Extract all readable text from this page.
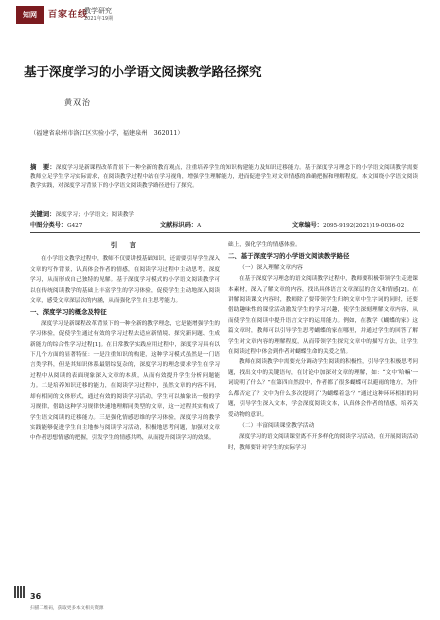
知网	百家在线
教学研究
2021年19期
基于深度学习的小学语文阅读教学路径探究
黄双治
（福建省泉州市洛江区实验小学，福建泉州　362011）
摘　要：深度学习是新课程改革背景下一种全新的教育观点，注重培养学生的知识构建能力及知识迁移能力。基于深度学习理念下的小学语文阅读教学需要教师立足学生学习实际需求，在阅读教学过程中站在学习视角，增强学生理解能力，进而促进学生对文章情感的准确把握和理解程度。本文围绕小学语文阅读教学实践，对深度学习背景下的小学语文阅读教学路径进行了探究。
关键词：深度学习；小学语文；阅读教学
中图分类号：G427	文献标识码：A	文章编号：2095-9192(2021)19-0036-02
引　言

在小学语文教学过程中，教师不仅要讲授基础知识，还需要引导学生深入文章的写作背景，认真体会作者的情感，在阅读学习过程中主动思考。深度学习，从而形成自己独特的见解。基于深度学习模式的小学语文阅读教学可以在传统阅读教学的基础上丰富学生的学习体验，促使学生主动地深入阅读文章，感受文章深层次的内涵，从而强化学生自主思考能力。

一、深度学习的概念及特征

深度学习是新课程改革背景下的一种全新的教学理念，它是能增强学生的学习体验，促使学生通过有效的学习过程去适应新情境、探究新问题、生成新能力的综合性学习过程[1]。在日常教学实践应用过程中，深度学习具有以下几个方面的显著特征：一是注重知识的构建，这种学习模式虽然是一门语言类学科，但是其知识体系最错综复杂的，深度学习的理念要求学生在学习过程中从阅读的表面现象深入文章的本质，从而有效提升学生分析问题能力。二是培养知识迁移的能力，在阅读学习过程中，虽然文章的内容不同，却有相同的文体形式，通过有效的阅读学习活动，学生可以抽象出一般的学习规律，借助这种学习规律快速地理解同类型的文章，这一过程其实构成了学生语文阅读的迁移能力。三是强化情感思维的学习体验，深度学习的教学实践能够促进学生自主地参与阅读学习活动，积极地思考问题，加强对文章中作者思想情感的把握，引发学生的情感共鸣，从而提升阅读学习的效果。

础上，强化学生的情感体验。
二、基于深度学习的小学语文阅读教学路径
（一）深入理解文章内容

在基于深度学习理念的语文阅读教学过程中，教师要积极带领学生走进课本素材，深入了解文章的内容，找出具体语言文章深层的含义和情感[2]。在讲解阅读课文内容时，教师除了要带领学生归纳文章中生字词的同时，还要借助趣味性的课堂活动激发学生的学习兴趣，使学生深刻理解文章内容，从而使学生在阅读中提升语言文字的运用能力。例如，在教学《蝴蝶的家》这篇文章时，教师可以引导学生思考蝴蝶的家在哪里，并通过学生的回答了解学生对文章内容的理解程度，从而带领学生探究文章中的描写方法，让学生在阅读过程中体会到作者对蝴蝶生命的关爱之情。

教师在阅读教学中需要充分调动学生阅读的积极性，引导学生积极思考问题，找出文中的关键语句，在讨论中加深对文章的理解，如：“文中‘哈嘛’一词说明了什么？”在第四自然段中，作者都了很多蝴蝶可以避雨的地方，为什么都否定了？文中为什么多次提到了‘为蝴蝶着急’？”通过这种环环相扣的问题，引导学生深入文本，学会深度阅读文本，认真体会作者的情感，培养关爱动物的意识。

（二）丰富阅读课堂教学活动

深度学习的语文阅读课堂离不开多样化的阅读学习活动，在开展阅读活动时，教师要针对学生的实际学习

36
扫描二维码，获取更多本文相关资源
